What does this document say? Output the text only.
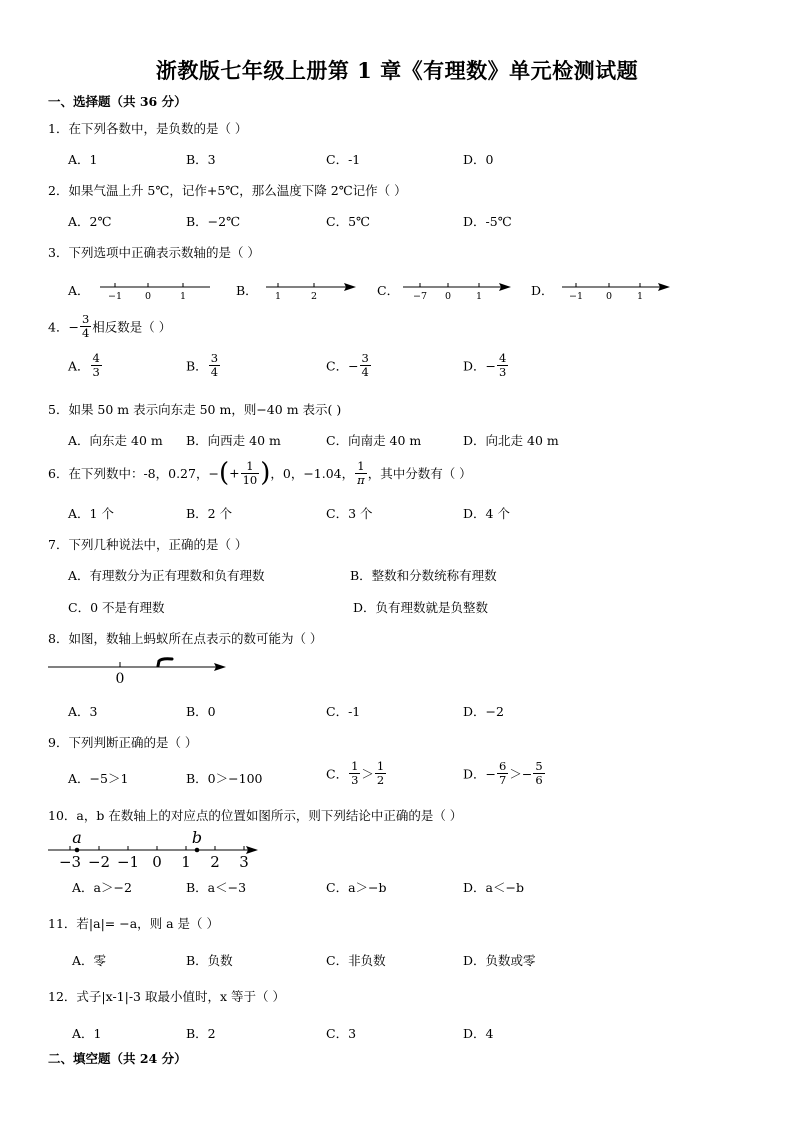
浙教版七年级上册第 1 章《有理数》单元检测试题
一、选择题（共 36 分）
1．在下列各数中，是负数的是（ ）
A．1	B．3	C．-1	D．0
2．如果气温上升 5℃，记作+5℃，那么温度下降 2℃记作（ ）
A．2℃	B．−2℃	C．5℃	D．-5℃
3．下列选项中正确表示数轴的是（ ）
A． −1 0	1	B． 1	2	C． −7 0	1	D． −1 0	1
4．− $\frac{3}{4}$ 相反数是（ ）
A． $\frac{4}{3}$	B． $\frac{3}{4}$	C．− $\frac{3}{4}$	D．− $\frac{4}{3}$
5．如果 50 m 表示向东走 50 m，则−40 m 表示( )
A．向东走 40 m B．向西走 40 m	C．向南走 40 m	D．向北走 40 m
6．在下列数中：-8，0.27，−(+ $\frac{1}{10}$ )，0，−1.04， $\frac{1}{\pi}$ ，其中分数有（ ）
A．1 个	B．2 个	C．3 个	D．4 个
7．下列几种说法中，正确的是（ ）
A．有理数分为正有理数和负有理数	B．整数和分数统称有理数
C．0 不是有理数	D．负有理数就是负整数
8．如图，数轴上蚂蚁所在点表示的数可能为（ ）
0
A．3	B．0	C．-1	D．−2
9．下列判断正确的是（ ）
A．−5＞1	B．0＞−100	C． $\frac{1}{3} > \frac{1}{2}$	D．− $\frac{6}{7} >- \frac{5}{6}$
10．a，b 在数轴上的对应点的位置如图所示，则下列结论中正确的是（ ）
a	b
−3 −2 −1 0 1 2 3
A．a＞−2	B．a＜−3	C．a＞−b	D．a＜−b
11．若|a|= −a，则 a 是（ ）
A．零	B．负数	C．非负数	D．负数或零
12．式子|x-1|-3 取最小值时，x 等于（ ）
A．1	B．2	C．3	D．4
二、填空题（共 24 分）
